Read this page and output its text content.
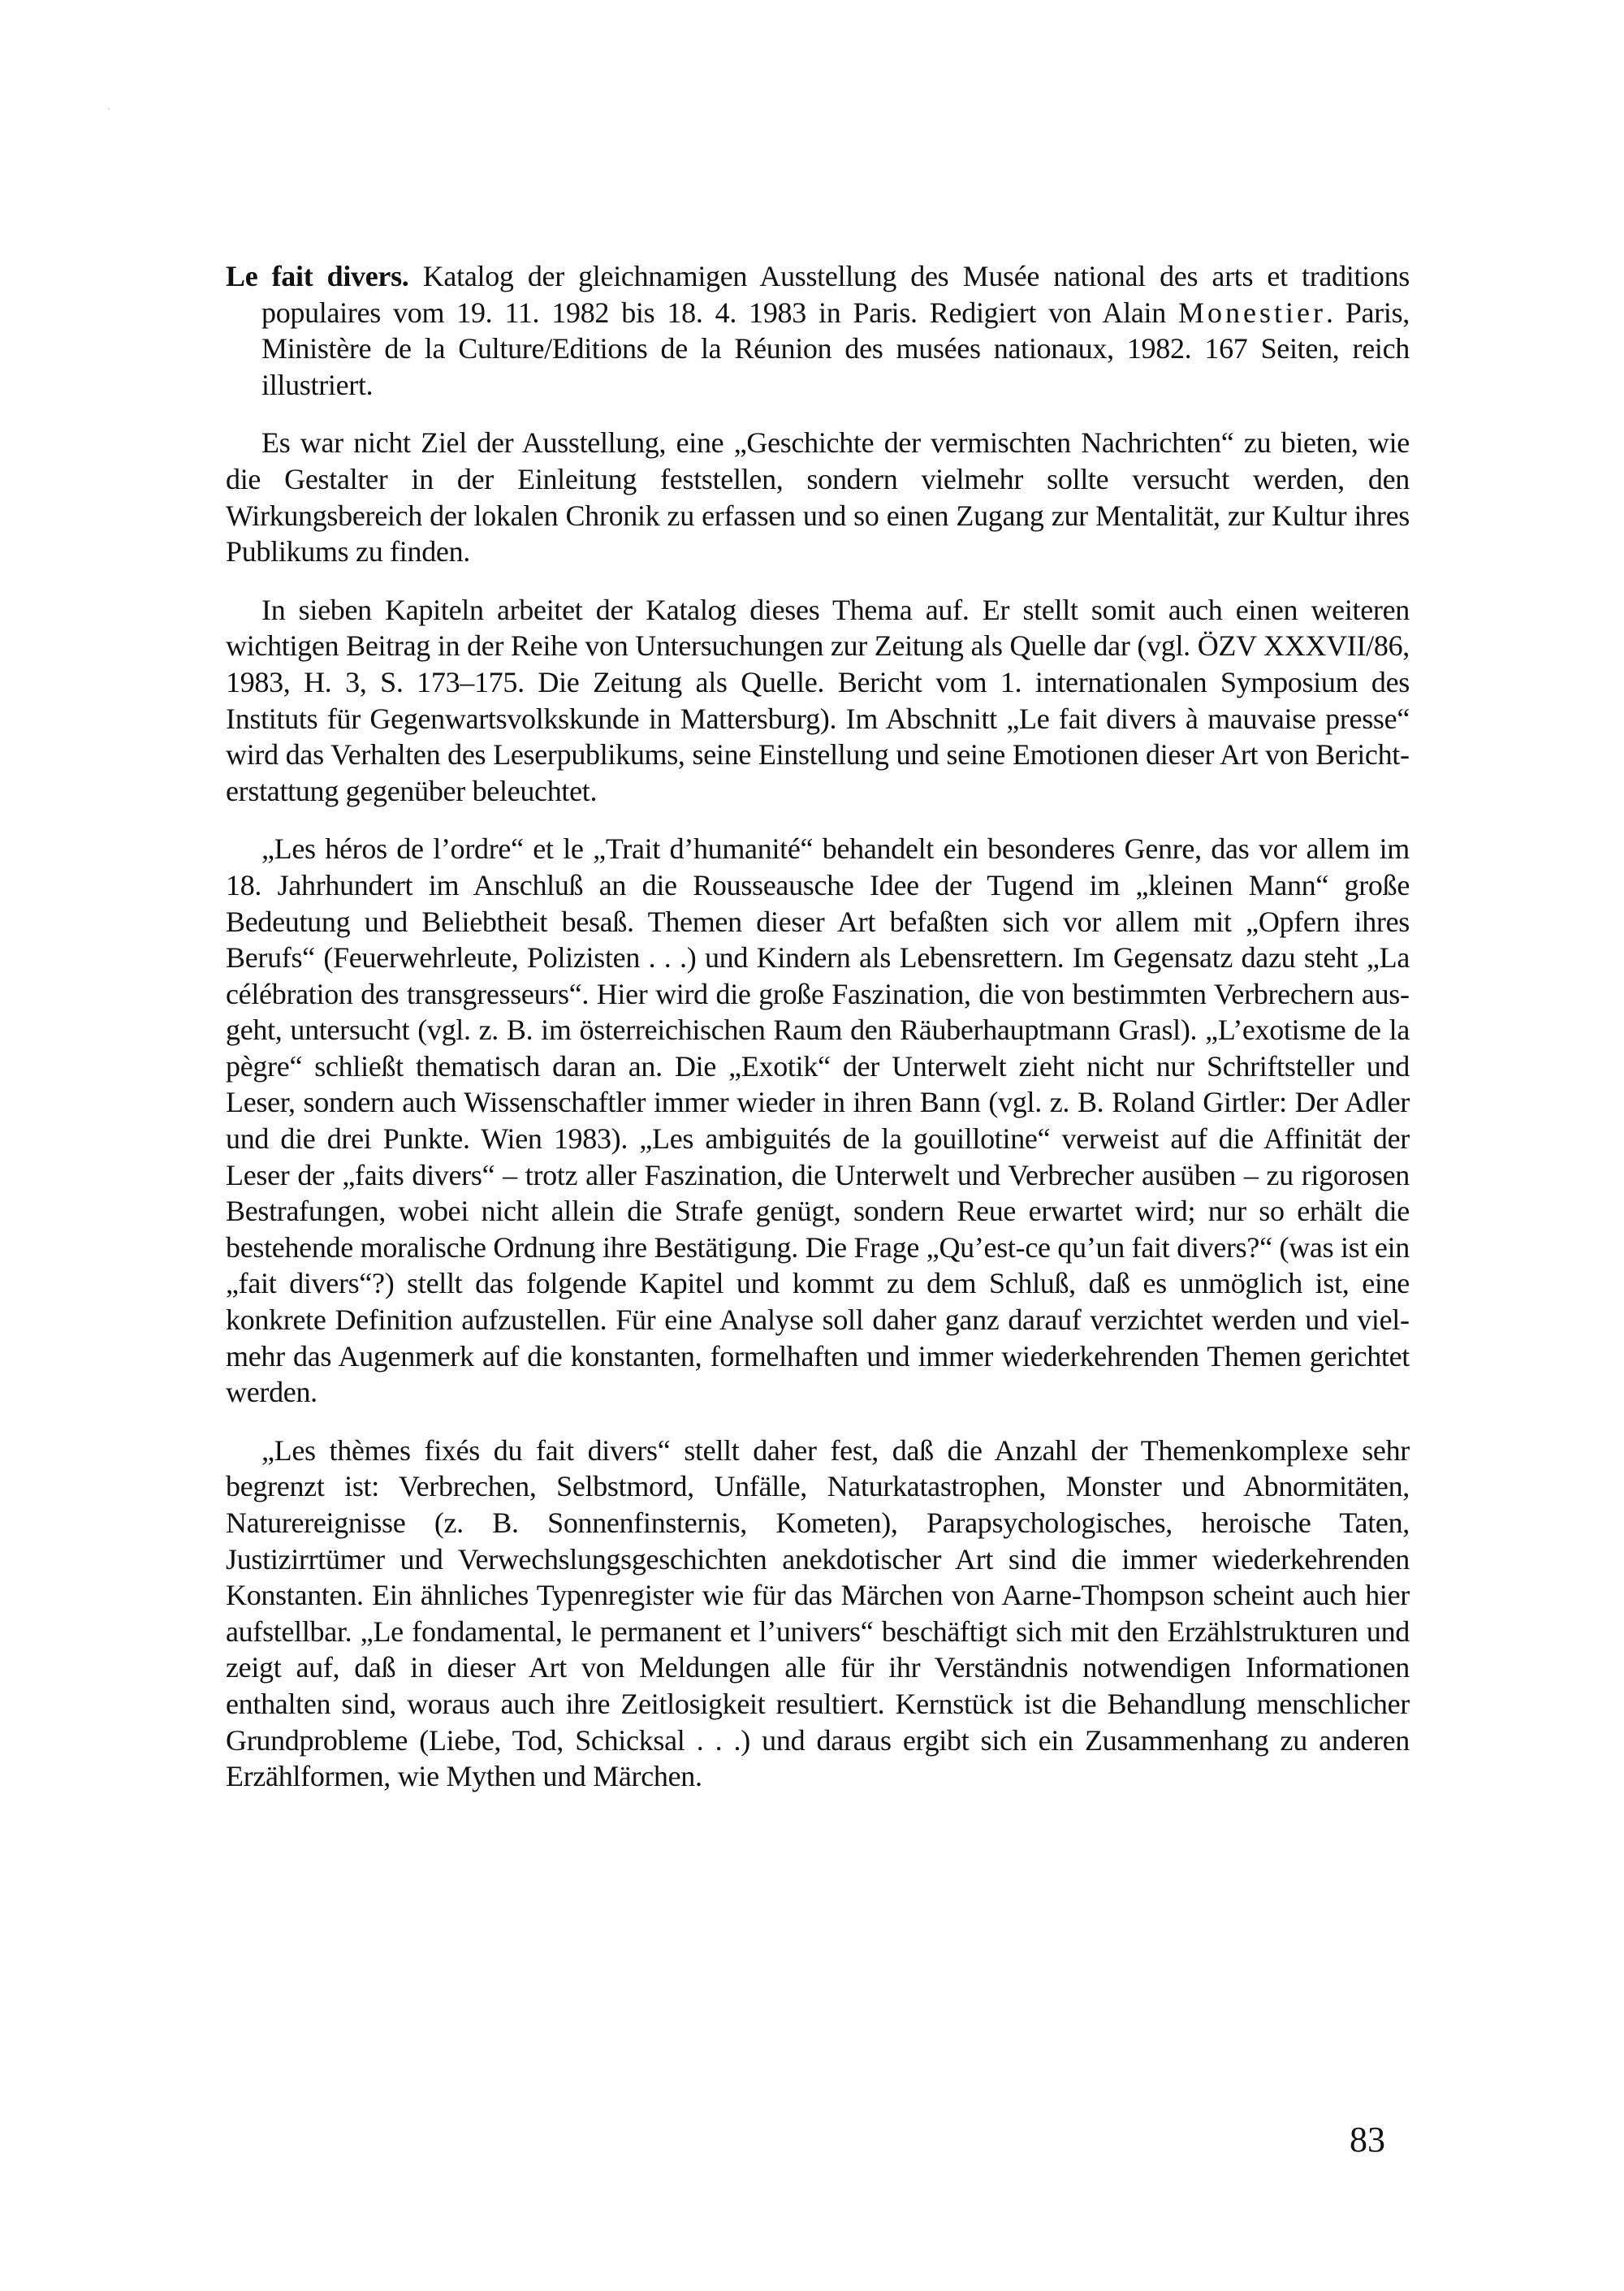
Le fait divers. Katalog der gleichnamigen Ausstellung des Musée national des arts et traditions populaires vom 19. 11. 1982 bis 18. 4. 1983 in Paris. Redigiert von Alain Monestier. Paris, Ministère de la Culture/Editions de la Réunion des musées nationaux, 1982. 167 Seiten, reich illustriert.

Es war nicht Ziel der Ausstellung, eine „Geschichte der vermischten Nachrichten“ zu bieten, wie die Gestalter in der Einleitung feststellen, sondern vielmehr sollte versucht werden, den Wirkungsbereich der lokalen Chronik zu erfassen und so einen Zugang zur Mentalität, zur Kultur ihres Publikums zu finden.

In sieben Kapiteln arbeitet der Katalog dieses Thema auf. Er stellt somit auch einen weiteren wichtigen Beitrag in der Reihe von Untersuchungen zur Zeitung als Quelle dar (vgl. ÖZV XXXVII/86, 1983, H. 3, S. 173–175. Die Zeitung als Quelle. Bericht vom 1. internationalen Symposium des Instituts für Gegenwartsvolkskunde in Mattersburg). Im Abschnitt „Le fait divers à mauvaise presse“ wird das Verhalten des Leserpublikums, seine Einstellung und seine Emotionen dieser Art von Berichterstattung gegenüber beleuchtet.

„Les héros de l’ordre“ et le „Trait d’humanité“ behandelt ein besonderes Genre, das vor allem im 18. Jahrhundert im Anschluß an die Rousseausche Idee der Tugend im „kleinen Mann“ große Bedeutung und Beliebtheit besaß. Themen dieser Art befaßten sich vor allem mit „Opfern ihres Berufs“ (Feuerwehrleute, Polizisten . . .) und Kindern als Lebensrettern. Im Gegensatz dazu steht „La célébration des transgresseurs“. Hier wird die große Faszination, die von bestimmten Verbrechern ausgeht, untersucht (vgl. z. B. im österreichischen Raum den Räuberhauptmann Grasl). „L’exotisme de la pègre“ schließt thematisch daran an. Die „Exotik“ der Unterwelt zieht nicht nur Schriftsteller und Leser, sondern auch Wissenschaftler immer wieder in ihren Bann (vgl. z. B. Roland Girtler: Der Adler und die drei Punkte. Wien 1983). „Les ambiguités de la gouillotine“ verweist auf die Affinität der Leser der „faits divers“ – trotz aller Faszination, die Unterwelt und Verbrecher ausüben – zu rigorosen Bestrafungen, wobei nicht allein die Strafe genügt, sondern Reue erwartet wird; nur so erhält die bestehende moralische Ordnung ihre Bestätigung. Die Frage „Qu’est-ce qu’un fait divers?“ (was ist ein „fait divers“?) stellt das folgende Kapitel und kommt zu dem Schluß, daß es unmöglich ist, eine konkrete Definition aufzustellen. Für eine Analyse soll daher ganz darauf verzichtet werden und vielmehr das Augenmerk auf die konstanten, formelhaften und immer wiederkehrenden Themen gerichtet werden.

„Les thèmes fixés du fait divers“ stellt daher fest, daß die Anzahl der Themenkomplexe sehr begrenzt ist: Verbrechen, Selbstmord, Unfälle, Naturkatastrophen, Monster und Abnormitäten, Naturereignisse (z. B. Sonnenfinsternis, Kometen), Parapsychologisches, heroische Taten, Justizirrtümer und Verwechslungsgeschichten anekdotischer Art sind die immer wiederkehrenden Konstanten. Ein ähnliches Typenregister wie für das Märchen von Aarne-Thompson scheint auch hier aufstellbar. „Le fondamental, le permanent et l’univers“ beschäftigt sich mit den Erzählstrukturen und zeigt auf, daß in dieser Art von Meldungen alle für ihr Verständnis notwendigen Informationen enthalten sind, woraus auch ihre Zeitlosigkeit resultiert. Kernstück ist die Behandlung menschlicher Grundprobleme (Liebe, Tod, Schicksal . . .) und daraus ergibt sich ein Zusammenhang zu anderen Erzählformen, wie Mythen und Märchen.

83
